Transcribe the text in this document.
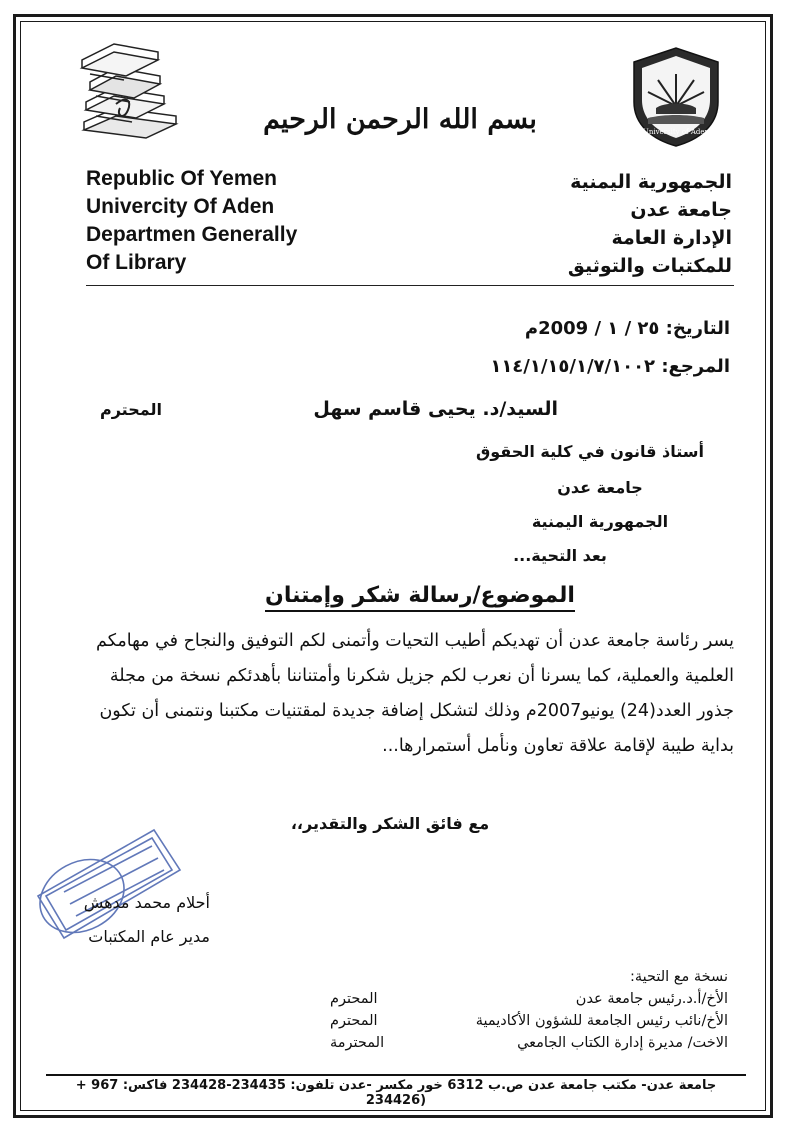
University of Aden
بسم الله الرحمن الرحيم
Republic Of Yemen
Univercity Of Aden
Departmen Generally
Of Library
الجمهورية اليمنية
جامعة عدن
الإدارة العامة
للمكتبات والتوثيق
التاريخ: ٢٥ / ١ / 2009م
المرجع: ١١٤/١/١٥/١/٧/١٠٠٢
السيد/د. يحيى قاسم سهل
المحترم
أستاذ قانون في كلية الحقوق
جامعة عدن
الجمهورية اليمنية
بعد التحية...
الموضوع/رسالة شكر وإمتنان
يسر رئاسة جامعة عدن أن تهديكم أطيب التحيات وأتمنى لكم التوفيق والنجاح في مهامكم
العلمية والعملية، كما يسرنا أن نعرب لكم جزيل شكرنا وأمتناننا بأهدئكم نسخة من مجلة
جذور العدد(24) يونيو2007م وذلك لتشكل إضافة جديدة لمقتنيات مكتبنا ونتمنى أن تكون
بداية طيبة لإقامة علاقة تعاون ونأمل أستمرارها...
مع فائق الشكر والتقدير،،
أحلام محمد مدهش
مدير عام المكتبات
نسخة مع التحية:
الأخ/أ.د.رئيس جامعة عدن
المحترم
الأخ/نائب رئيس الجامعة للشؤون الأكاديمية
المحترم
الاخت/ مديرة إدارة الكتاب الجامعي
المحترمة
جامعة عدن- مكتب جامعة عدن ص.ب 6312 خور مكسر -عدن تلفون: 234435-234428 فاكس: 967 +(234426
